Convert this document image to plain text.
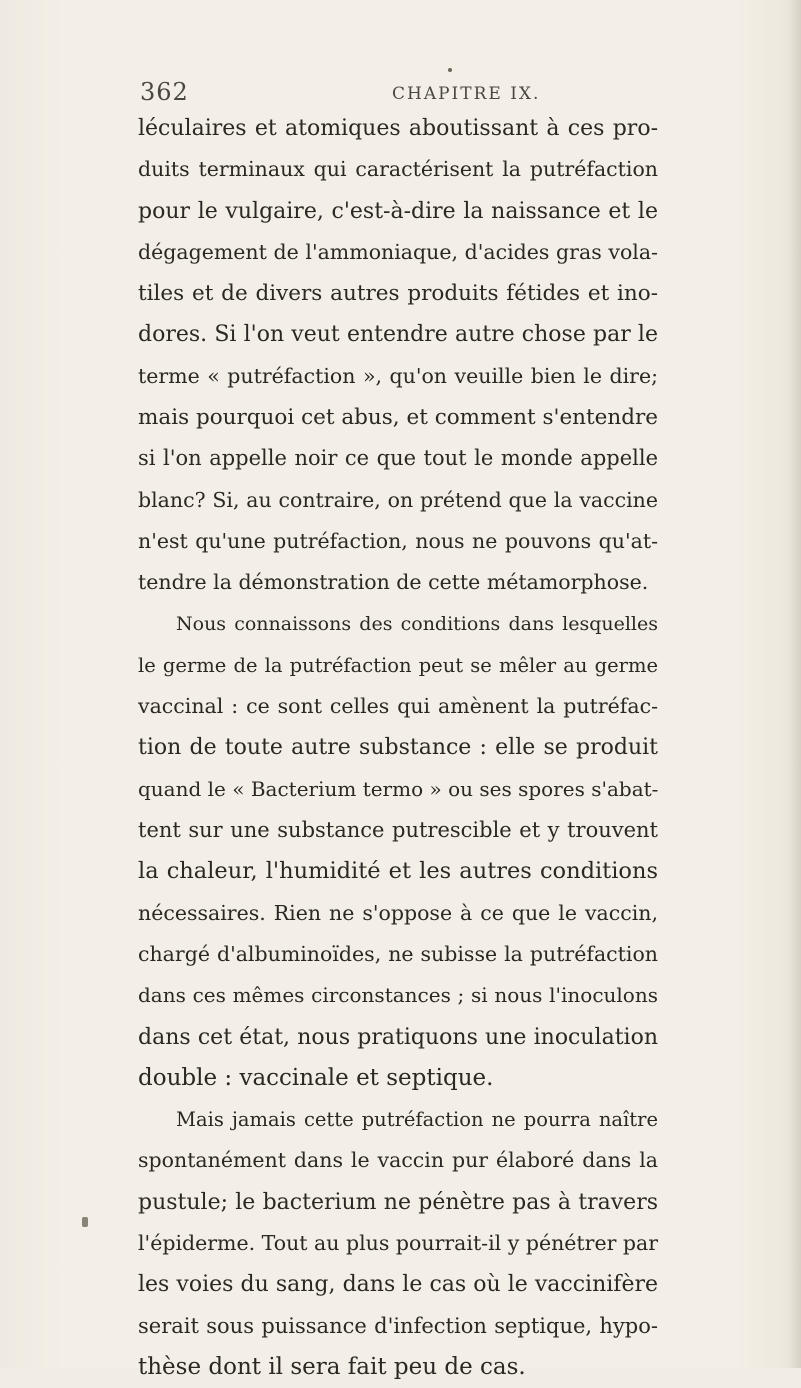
362	CHAPITRE IX.
léculaires et atomiques aboutissant à ces pro-
duits terminaux qui caractérisent la putréfaction
pour le vulgaire, c'est-à-dire la naissance et le
dégagement de l'ammoniaque, d'acides gras vola-
tiles et de divers autres produits fétides et ino-
dores. Si l'on veut entendre autre chose par le
terme « putréfaction », qu'on veuille bien le dire;
mais pourquoi cet abus, et comment s'entendre
si l'on appelle noir ce que tout le monde appelle
blanc? Si, au contraire, on prétend que la vaccine
n'est qu'une putréfaction, nous ne pouvons qu'at-
tendre la démonstration de cette métamorphose.
Nous connaissons des conditions dans lesquelles
le germe de la putréfaction peut se mêler au germe
vaccinal : ce sont celles qui amènent la putréfac-
tion de toute autre substance : elle se produit
quand le « Bacterium termo » ou ses spores s'abat-
tent sur une substance putrescible et y trouvent
la chaleur, l'humidité et les autres conditions
nécessaires. Rien ne s'oppose à ce que le vaccin,
chargé d'albuminoïdes, ne subisse la putréfaction
dans ces mêmes circonstances ; si nous l'inoculons
dans cet état, nous pratiquons une inoculation
double : vaccinale et septique.
Mais jamais cette putréfaction ne pourra naître
spontanément dans le vaccin pur élaboré dans la
pustule; le bacterium ne pénètre pas à travers
l'épiderme. Tout au plus pourrait-il y pénétrer par
les voies du sang, dans le cas où le vaccinifère
serait sous puissance d'infection septique, hypo-
thèse dont il sera fait peu de cas.
